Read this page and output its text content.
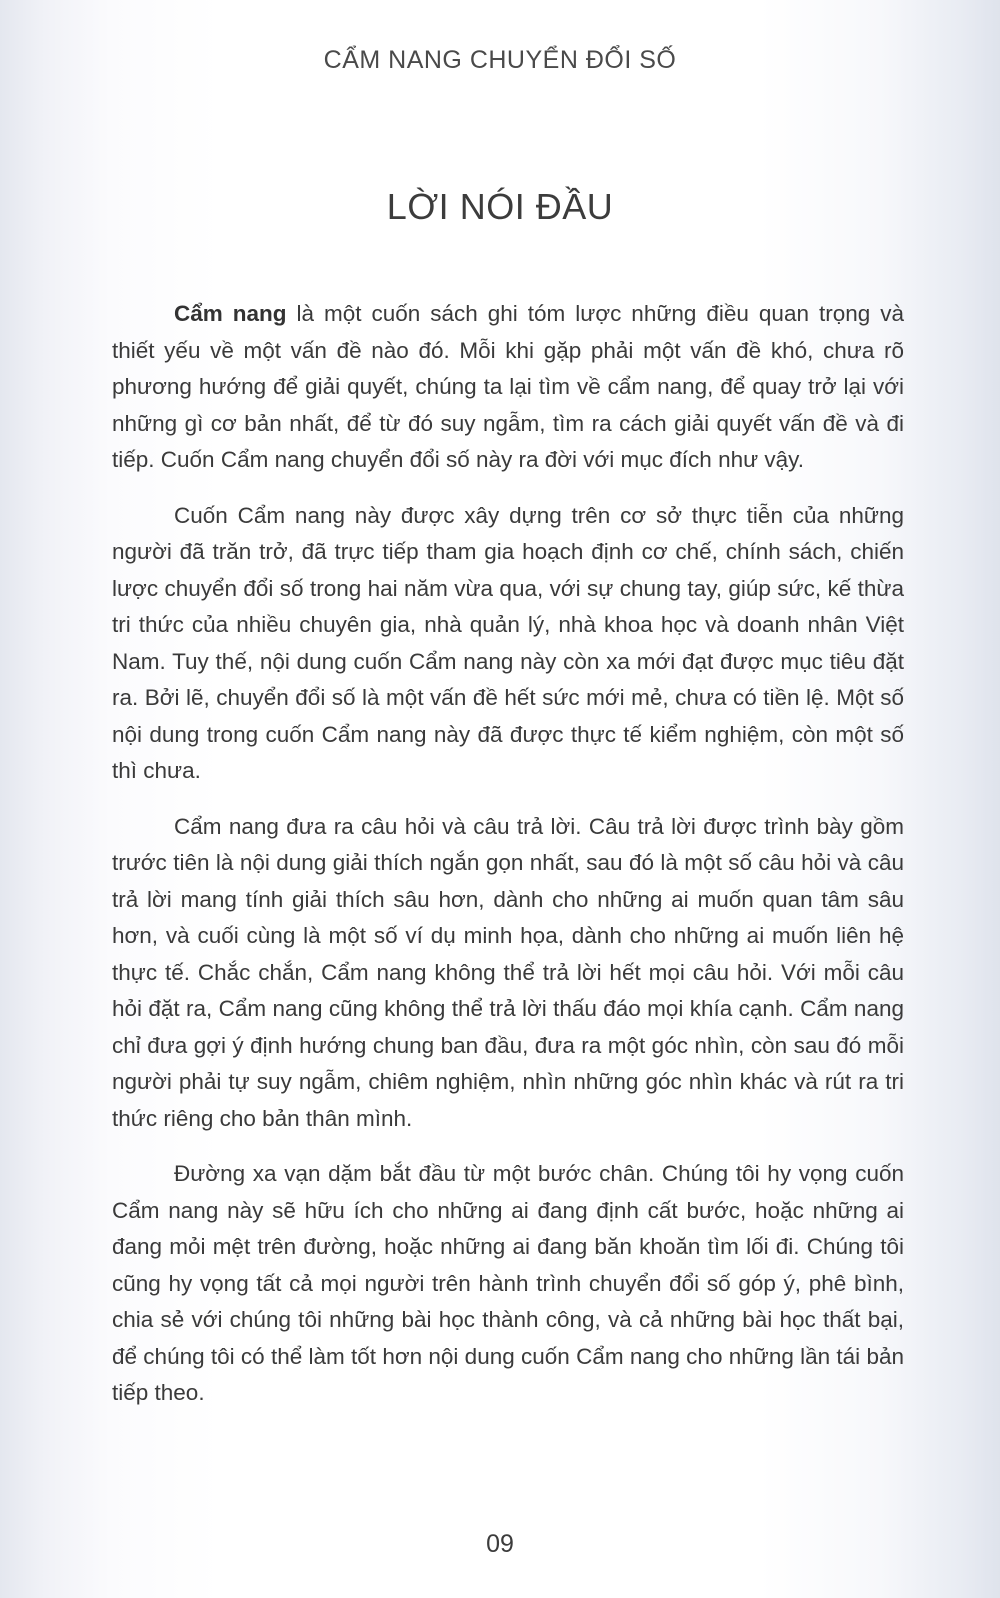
CẨM NANG CHUYỂN ĐỔI SỐ
LỜI NÓI ĐẦU

Cẩm nang là một cuốn sách ghi tóm lược những điều quan trọng và thiết yếu về một vấn đề nào đó. Mỗi khi gặp phải một vấn đề khó, chưa rõ phương hướng để giải quyết, chúng ta lại tìm về cẩm nang, để quay trở lại với những gì cơ bản nhất, để từ đó suy ngẫm, tìm ra cách giải quyết vấn đề và đi tiếp. Cuốn Cẩm nang chuyển đổi số này ra đời với mục đích như vậy.

Cuốn Cẩm nang này được xây dựng trên cơ sở thực tiễn của những người đã trăn trở, đã trực tiếp tham gia hoạch định cơ chế, chính sách, chiến lược chuyển đổi số trong hai năm vừa qua, với sự chung tay, giúp sức, kế thừa tri thức của nhiều chuyên gia, nhà quản lý, nhà khoa học và doanh nhân Việt Nam. Tuy thế, nội dung cuốn Cẩm nang này còn xa mới đạt được mục tiêu đặt ra. Bởi lẽ, chuyển đổi số là một vấn đề hết sức mới mẻ, chưa có tiền lệ. Một số nội dung trong cuốn Cẩm nang này đã được thực tế kiểm nghiệm, còn một số thì chưa.

Cẩm nang đưa ra câu hỏi và câu trả lời. Câu trả lời được trình bày gồm trước tiên là nội dung giải thích ngắn gọn nhất, sau đó là một số câu hỏi và câu trả lời mang tính giải thích sâu hơn, dành cho những ai muốn quan tâm sâu hơn, và cuối cùng là một số ví dụ minh họa, dành cho những ai muốn liên hệ thực tế. Chắc chắn, Cẩm nang không thể trả lời hết mọi câu hỏi. Với mỗi câu hỏi đặt ra, Cẩm nang cũng không thể trả lời thấu đáo mọi khía cạnh. Cẩm nang chỉ đưa gợi ý định hướng chung ban đầu, đưa ra một góc nhìn, còn sau đó mỗi người phải tự suy ngẫm, chiêm nghiệm, nhìn những góc nhìn khác và rút ra tri thức riêng cho bản thân mình.

Đường xa vạn dặm bắt đầu từ một bước chân. Chúng tôi hy vọng cuốn Cẩm nang này sẽ hữu ích cho những ai đang định cất bước, hoặc những ai đang mỏi mệt trên đường, hoặc những ai đang băn khoăn tìm lối đi. Chúng tôi cũng hy vọng tất cả mọi người trên hành trình chuyển đổi số góp ý, phê bình, chia sẻ với chúng tôi những bài học thành công, và cả những bài học thất bại, để chúng tôi có thể làm tốt hơn nội dung cuốn Cẩm nang cho những lần tái bản tiếp theo.

09
